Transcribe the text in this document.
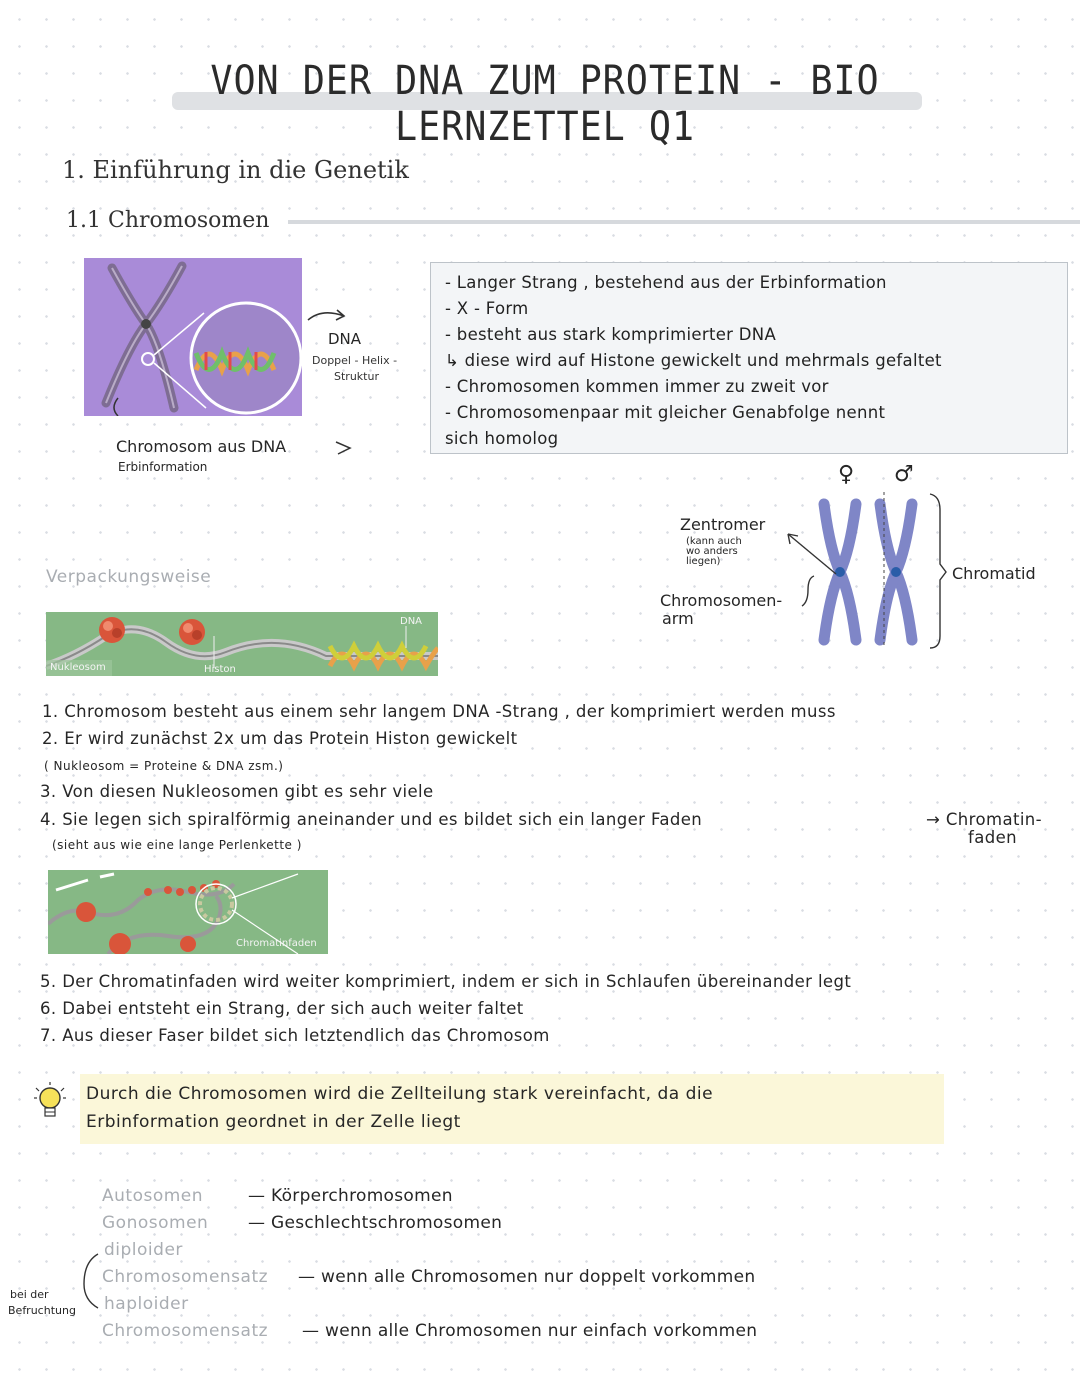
VON DER DNA ZUM PROTEIN - BIO LERNZETTEL Q1
1. Einführung in die Genetik
1.1 Chromosomen
DNA
Doppel - Helix -
Struktur
Chromosom aus DNA
Erbinformation
- Langer Strang , bestehend aus der Erbinformation
- X - Form
- besteht aus stark komprimierter DNA
↳ diese wird auf Histone gewickelt und mehrmals gefaltet
- Chromosomen kommen immer zu zweit vor
- Chromosomenpaar mit gleicher Genabfolge nennt
sich homolog
♀ ♂
Zentromer
(kann auch
wo anders
liegen)
Chromosomen-
arm
Chromatid
Verpackungsweise
Nukleosom	Histon
DNA
1. Chromosom besteht aus einem sehr langem DNA -Strang , der komprimiert werden muss
2. Er wird zunächst 2x um das Protein Histon gewickelt
( Nukleosom = Proteine & DNA zsm.)
3. Von diesen Nukleosomen gibt es sehr viele
4. Sie legen sich spiralförmig aneinander und es bildet sich ein langer Faden	→ Chromatin-
faden
(sieht aus wie eine lange Perlenkette )
Chromatinfaden
5. Der Chromatinfaden wird weiter komprimiert, indem er sich in Schlaufen übereinander legt
6. Dabei entsteht ein Strang, der sich auch weiter faltet
7. Aus dieser Faser bildet sich letztendlich das Chromosom
Durch die Chromosomen wird die Zellteilung stark vereinfacht, da die
Erbinformation geordnet in der Zelle liegt
Autosomen	— Körperchromosomen
Gonosomen — Geschlechtschromosomen
diploider
Chromosomensatz — wenn alle Chromosomen nur doppelt vorkommen
haploider
Chromosomensatz — wenn alle Chromosomen nur einfach vorkommen
bei der
Befruchtung
